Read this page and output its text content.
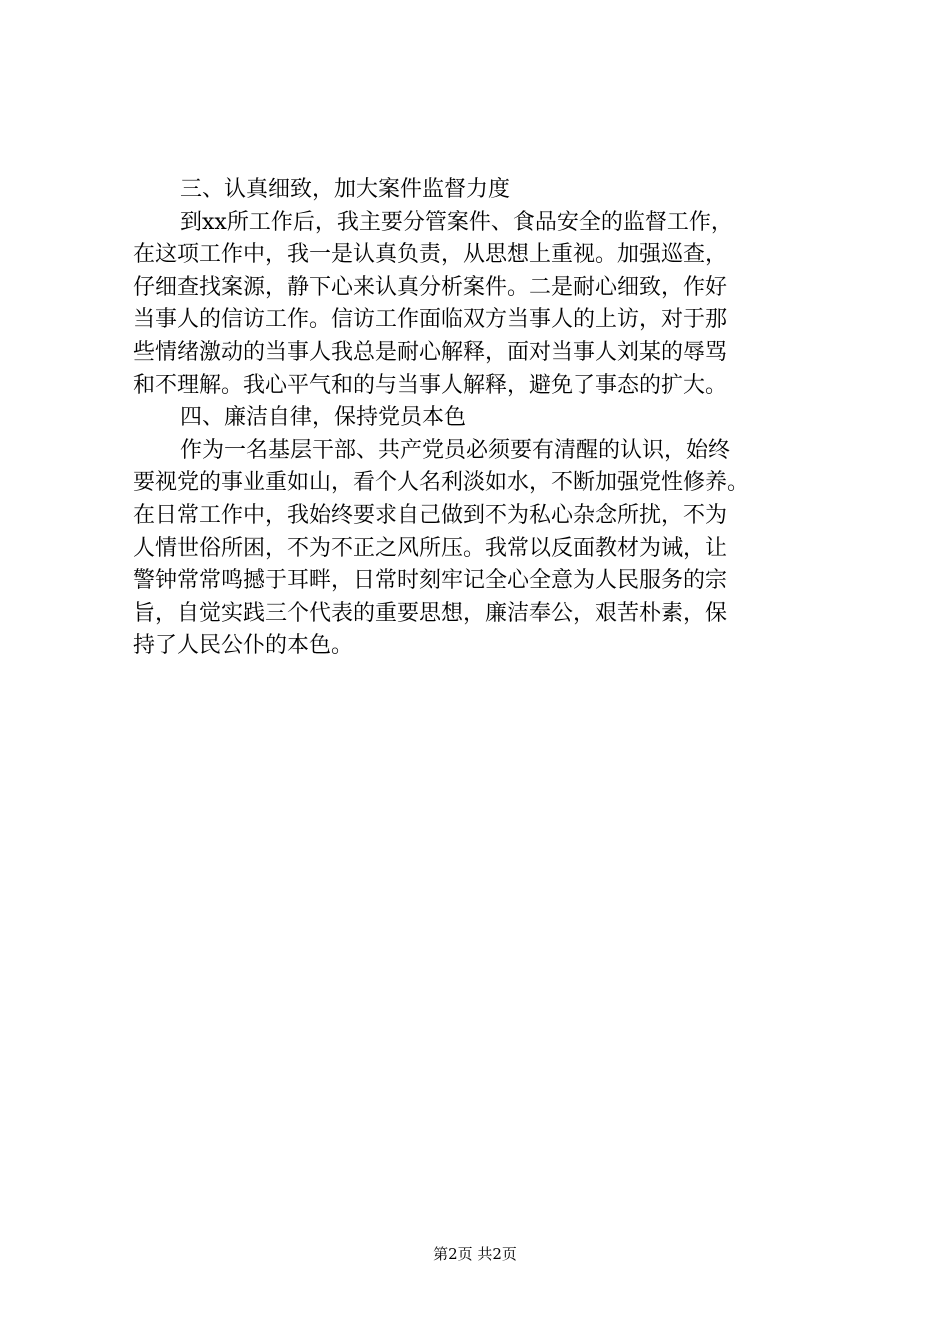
三、认真细致，加大案件监督力度
到xx所工作后，我主要分管案件、食品安全的监督工作，
在这项工作中，我一是认真负责，从思想上重视。加强巡查，
仔细查找案源，静下心来认真分析案件。二是耐心细致，作好
当事人的信访工作。信访工作面临双方当事人的上访，对于那
些情绪激动的当事人我总是耐心解释，面对当事人刘某的辱骂
和不理解。我心平气和的与当事人解释，避免了事态的扩大。
四、廉洁自律，保持党员本色
作为一名基层干部、共产党员必须要有清醒的认识，始终
要视党的事业重如山，看个人名利淡如水，不断加强党性修养。
在日常工作中，我始终要求自己做到不为私心杂念所扰，不为
人情世俗所困，不为不正之风所压。我常以反面教材为诫，让
警钟常常鸣撼于耳畔，日常时刻牢记全心全意为人民服务的宗
旨，自觉实践三个代表的重要思想，廉洁奉公，艰苦朴素，保
持了人民公仆的本色。
第2页 共2页
